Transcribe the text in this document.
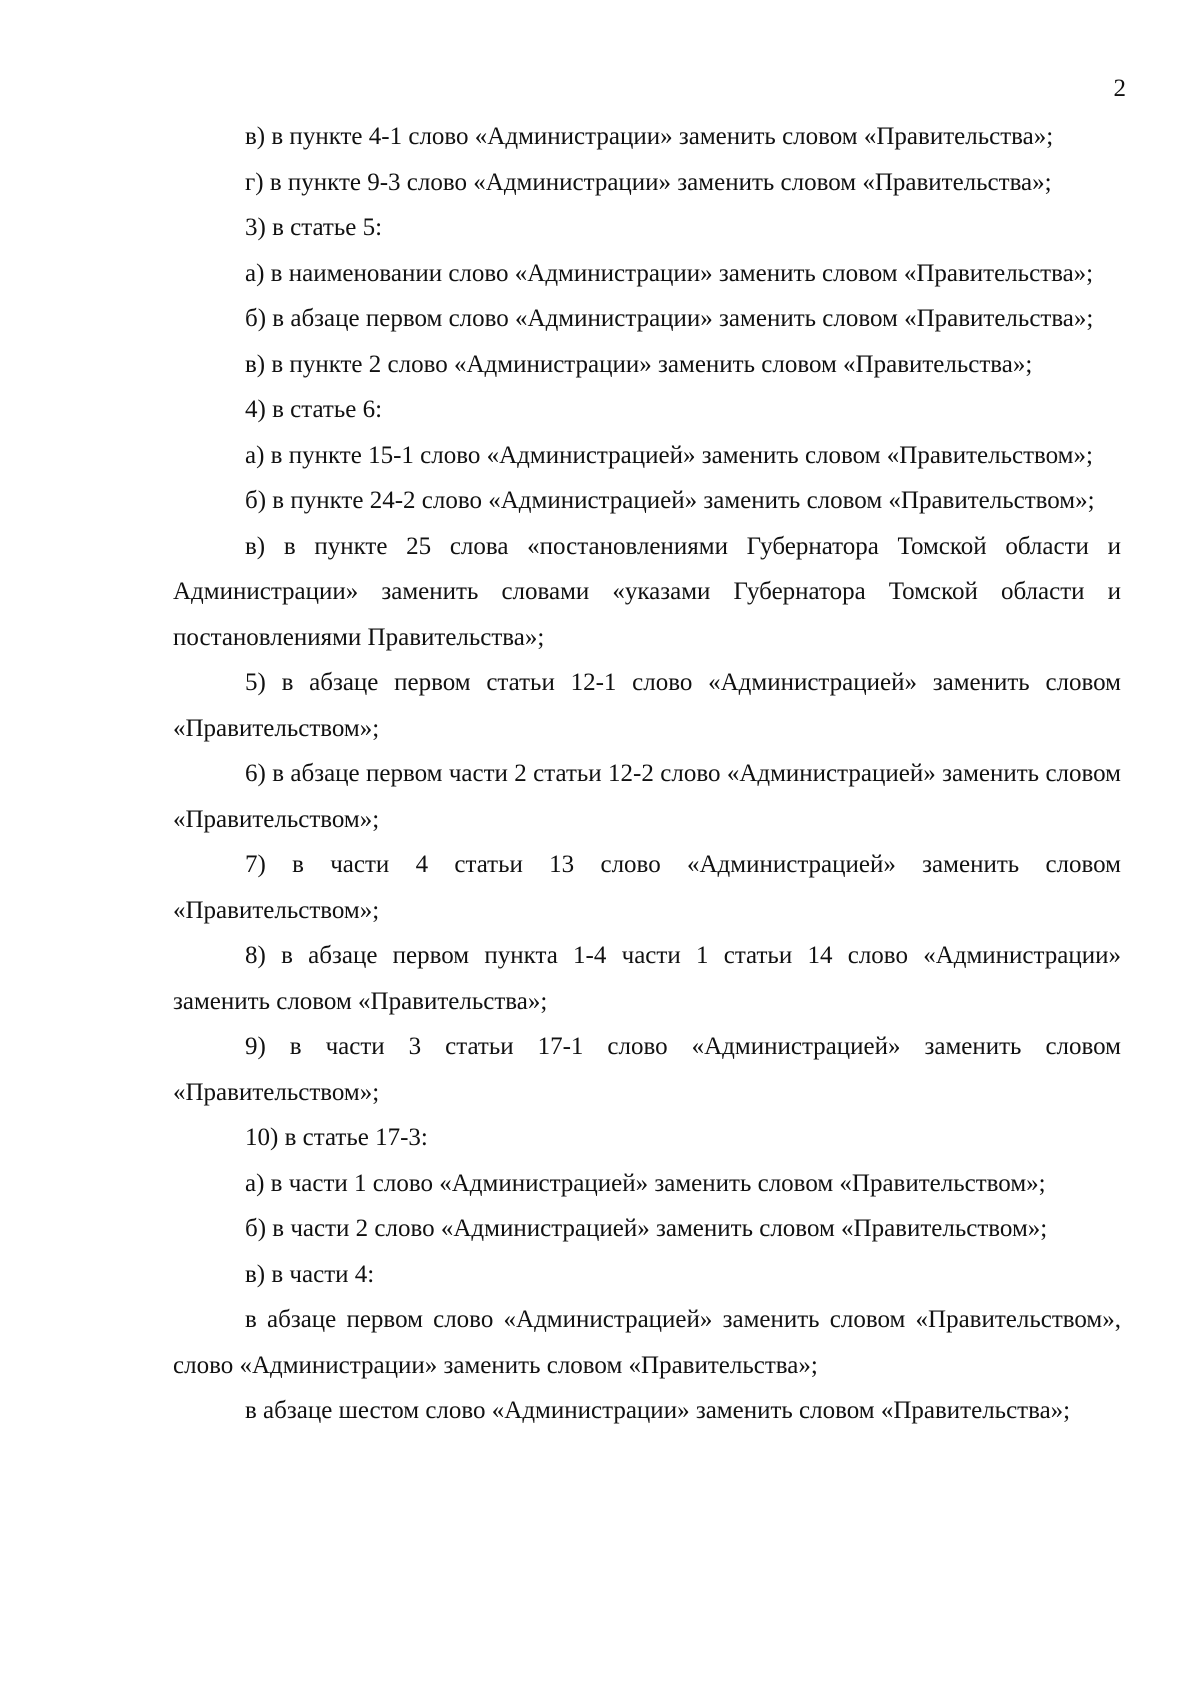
2

в) в пункте 4-1 слово «Администрации» заменить словом «Правительства»;

г) в пункте 9-3 слово «Администрации» заменить словом «Правительства»;

3) в статье 5:

а) в наименовании слово «Администрации» заменить словом «Правительства»;

б) в абзаце первом слово «Администрации» заменить словом «Правительства»;

в) в пункте 2 слово «Администрации» заменить словом «Правительства»;

4) в статье 6:

а) в пункте 15-1 слово «Администрацией» заменить словом «Правительством»;

б) в пункте 24-2 слово «Администрацией» заменить словом «Правительством»;

в) в пункте 25 слова «постановлениями Губернатора Томской области и Администрации» заменить словами «указами Губернатора Томской области и постановлениями Правительства»;

5) в абзаце первом статьи 12-1 слово «Администрацией» заменить словом «Правительством»;

6) в абзаце первом части 2 статьи 12-2 слово «Администрацией» заменить словом «Правительством»;

7) в части 4 статьи 13 слово «Администрацией» заменить словом «Правительством»;

8) в абзаце первом пункта 1-4 части 1 статьи 14 слово «Администрации» заменить словом «Правительства»;

9) в части 3 статьи 17-1 слово «Администрацией» заменить словом «Правительством»;

10) в статье 17-3:

а) в части 1 слово «Администрацией» заменить словом «Правительством»;

б) в части 2 слово «Администрацией» заменить словом «Правительством»;

в) в части 4:

в абзаце первом слово «Администрацией» заменить словом «Правительством», слово «Администрации» заменить словом «Правительства»;

в абзаце шестом слово «Администрации» заменить словом «Правительства»;
